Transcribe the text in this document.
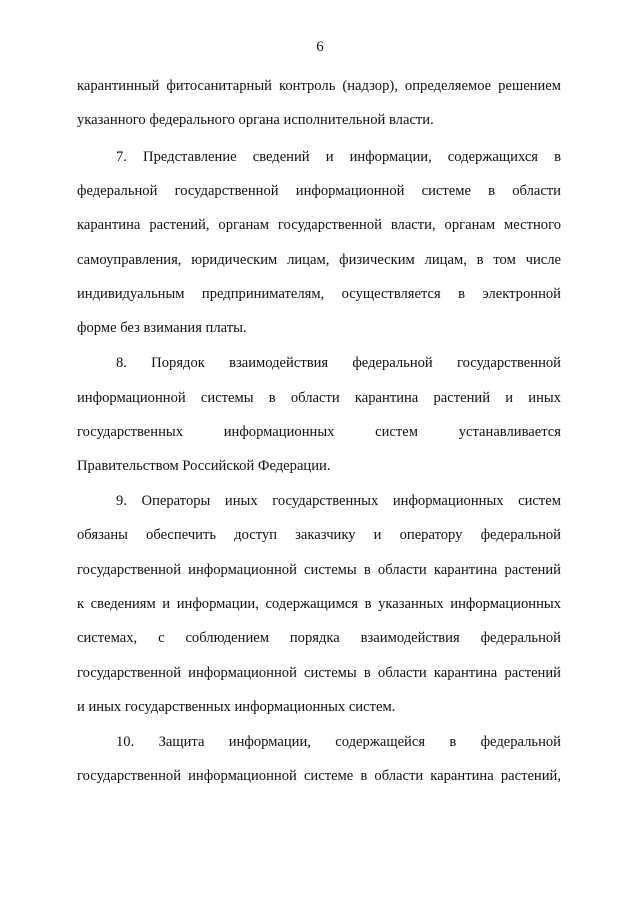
6
карантинный фитосанитарный контроль (надзор), определяемое решением
указанного федерального органа исполнительной власти.
7. Представление сведений и информации, содержащихся в
федеральной государственной информационной системе в области
карантина растений, органам государственной власти, органам местного
самоуправления, юридическим лицам, физическим лицам, в том числе
индивидуальным предпринимателям, осуществляется в электронной
форме без взимания платы.
8. Порядок взаимодействия федеральной государственной
информационной системы в области карантина растений и иных
государственных информационных систем устанавливается
Правительством Российской Федерации.
9. Операторы иных государственных информационных систем
обязаны обеспечить доступ заказчику и оператору федеральной
государственной информационной системы в области карантина растений
к сведениям и информации, содержащимся в указанных информационных
системах, с соблюдением порядка взаимодействия федеральной
государственной информационной системы в области карантина растений
и иных государственных информационных систем.
10. Защита информации, содержащейся в федеральной
государственной информационной системе в области карантина растений,
